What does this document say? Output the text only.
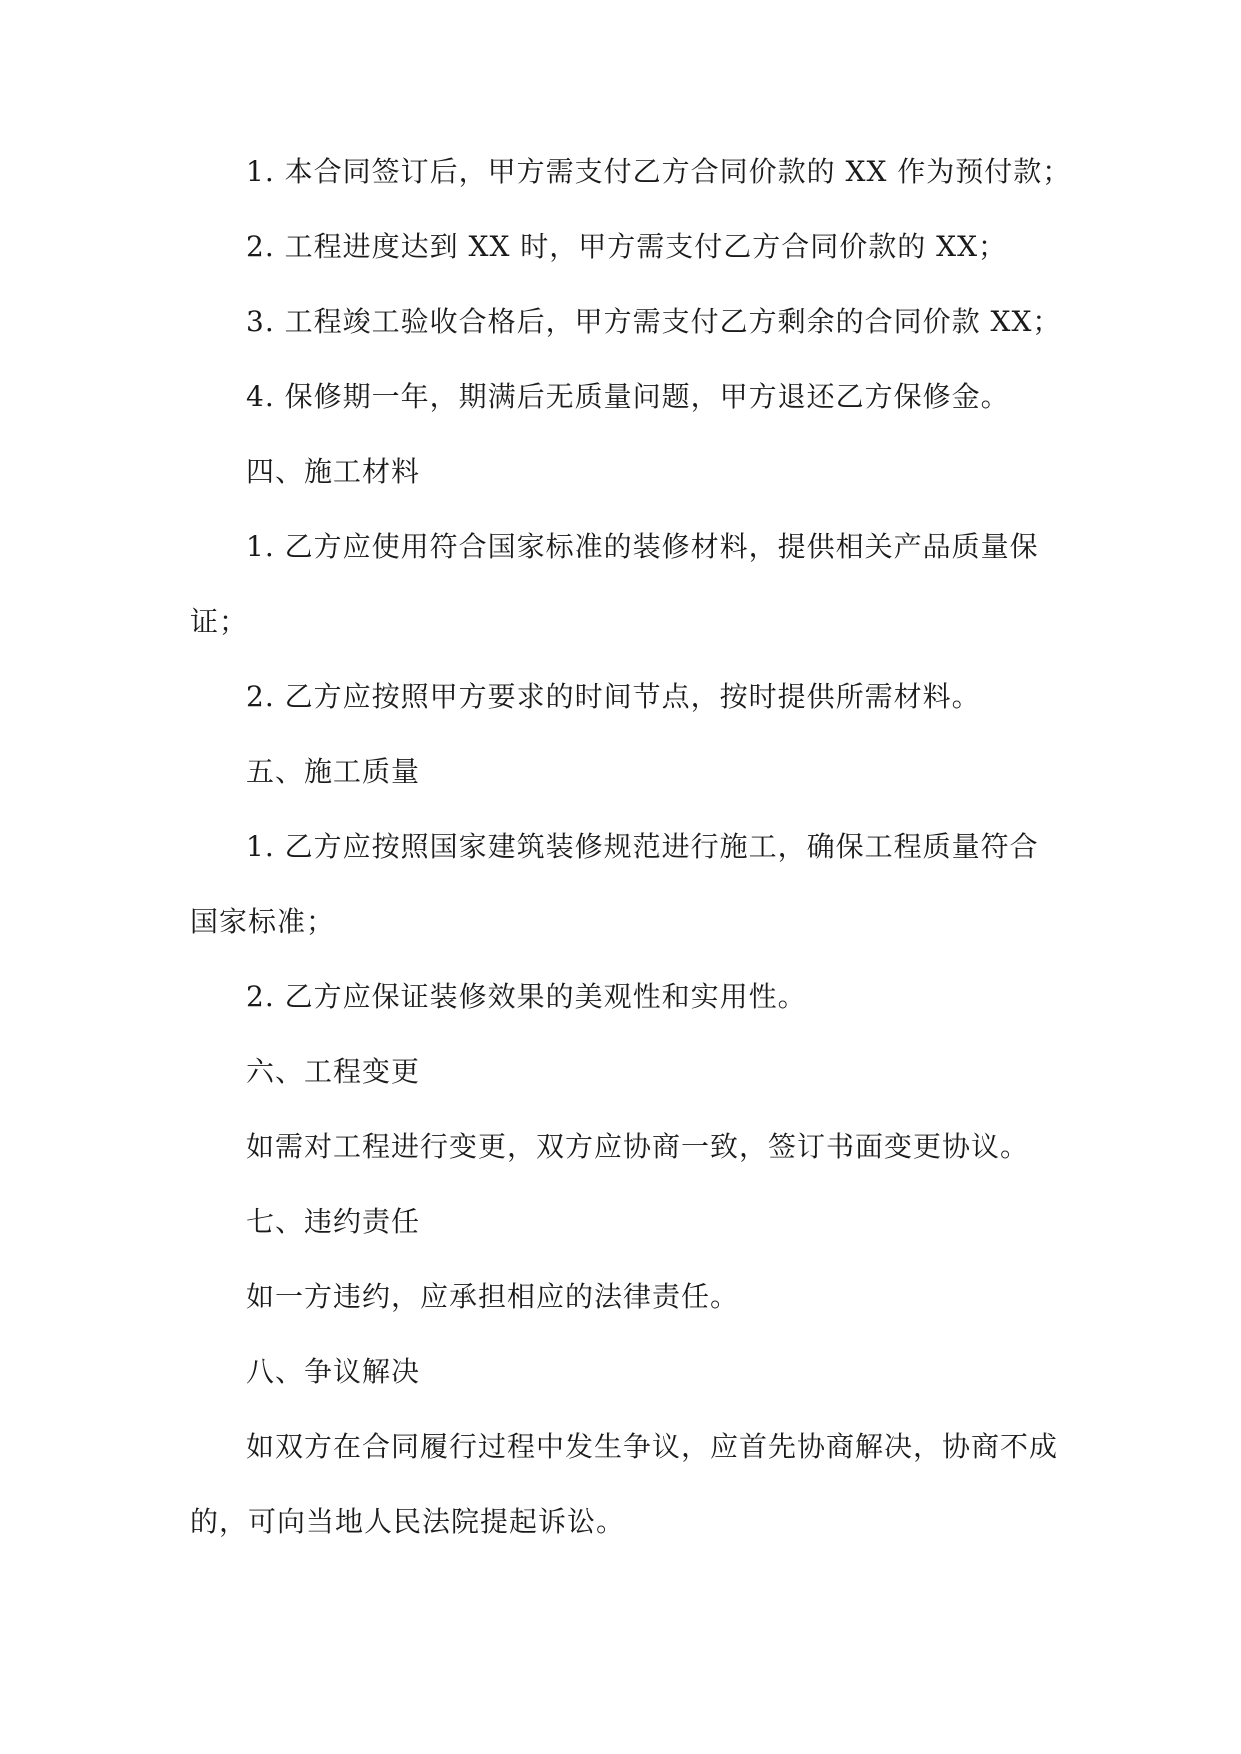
1. 本合同签订后，甲方需支付乙方合同价款的 XX 作为预付款；
2. 工程进度达到 XX 时，甲方需支付乙方合同价款的 XX；
3. 工程竣工验收合格后，甲方需支付乙方剩余的合同价款 XX；
4. 保修期一年，期满后无质量问题，甲方退还乙方保修金。
四、施工材料
1. 乙方应使用符合国家标准的装修材料，提供相关产品质量保
证；
2. 乙方应按照甲方要求的时间节点，按时提供所需材料。
五、施工质量
1. 乙方应按照国家建筑装修规范进行施工，确保工程质量符合
国家标准；
2. 乙方应保证装修效果的美观性和实用性。
六、工程变更
如需对工程进行变更，双方应协商一致，签订书面变更协议。
七、违约责任
如一方违约，应承担相应的法律责任。
八、争议解决
如双方在合同履行过程中发生争议，应首先协商解决，协商不成
的，可向当地人民法院提起诉讼。
